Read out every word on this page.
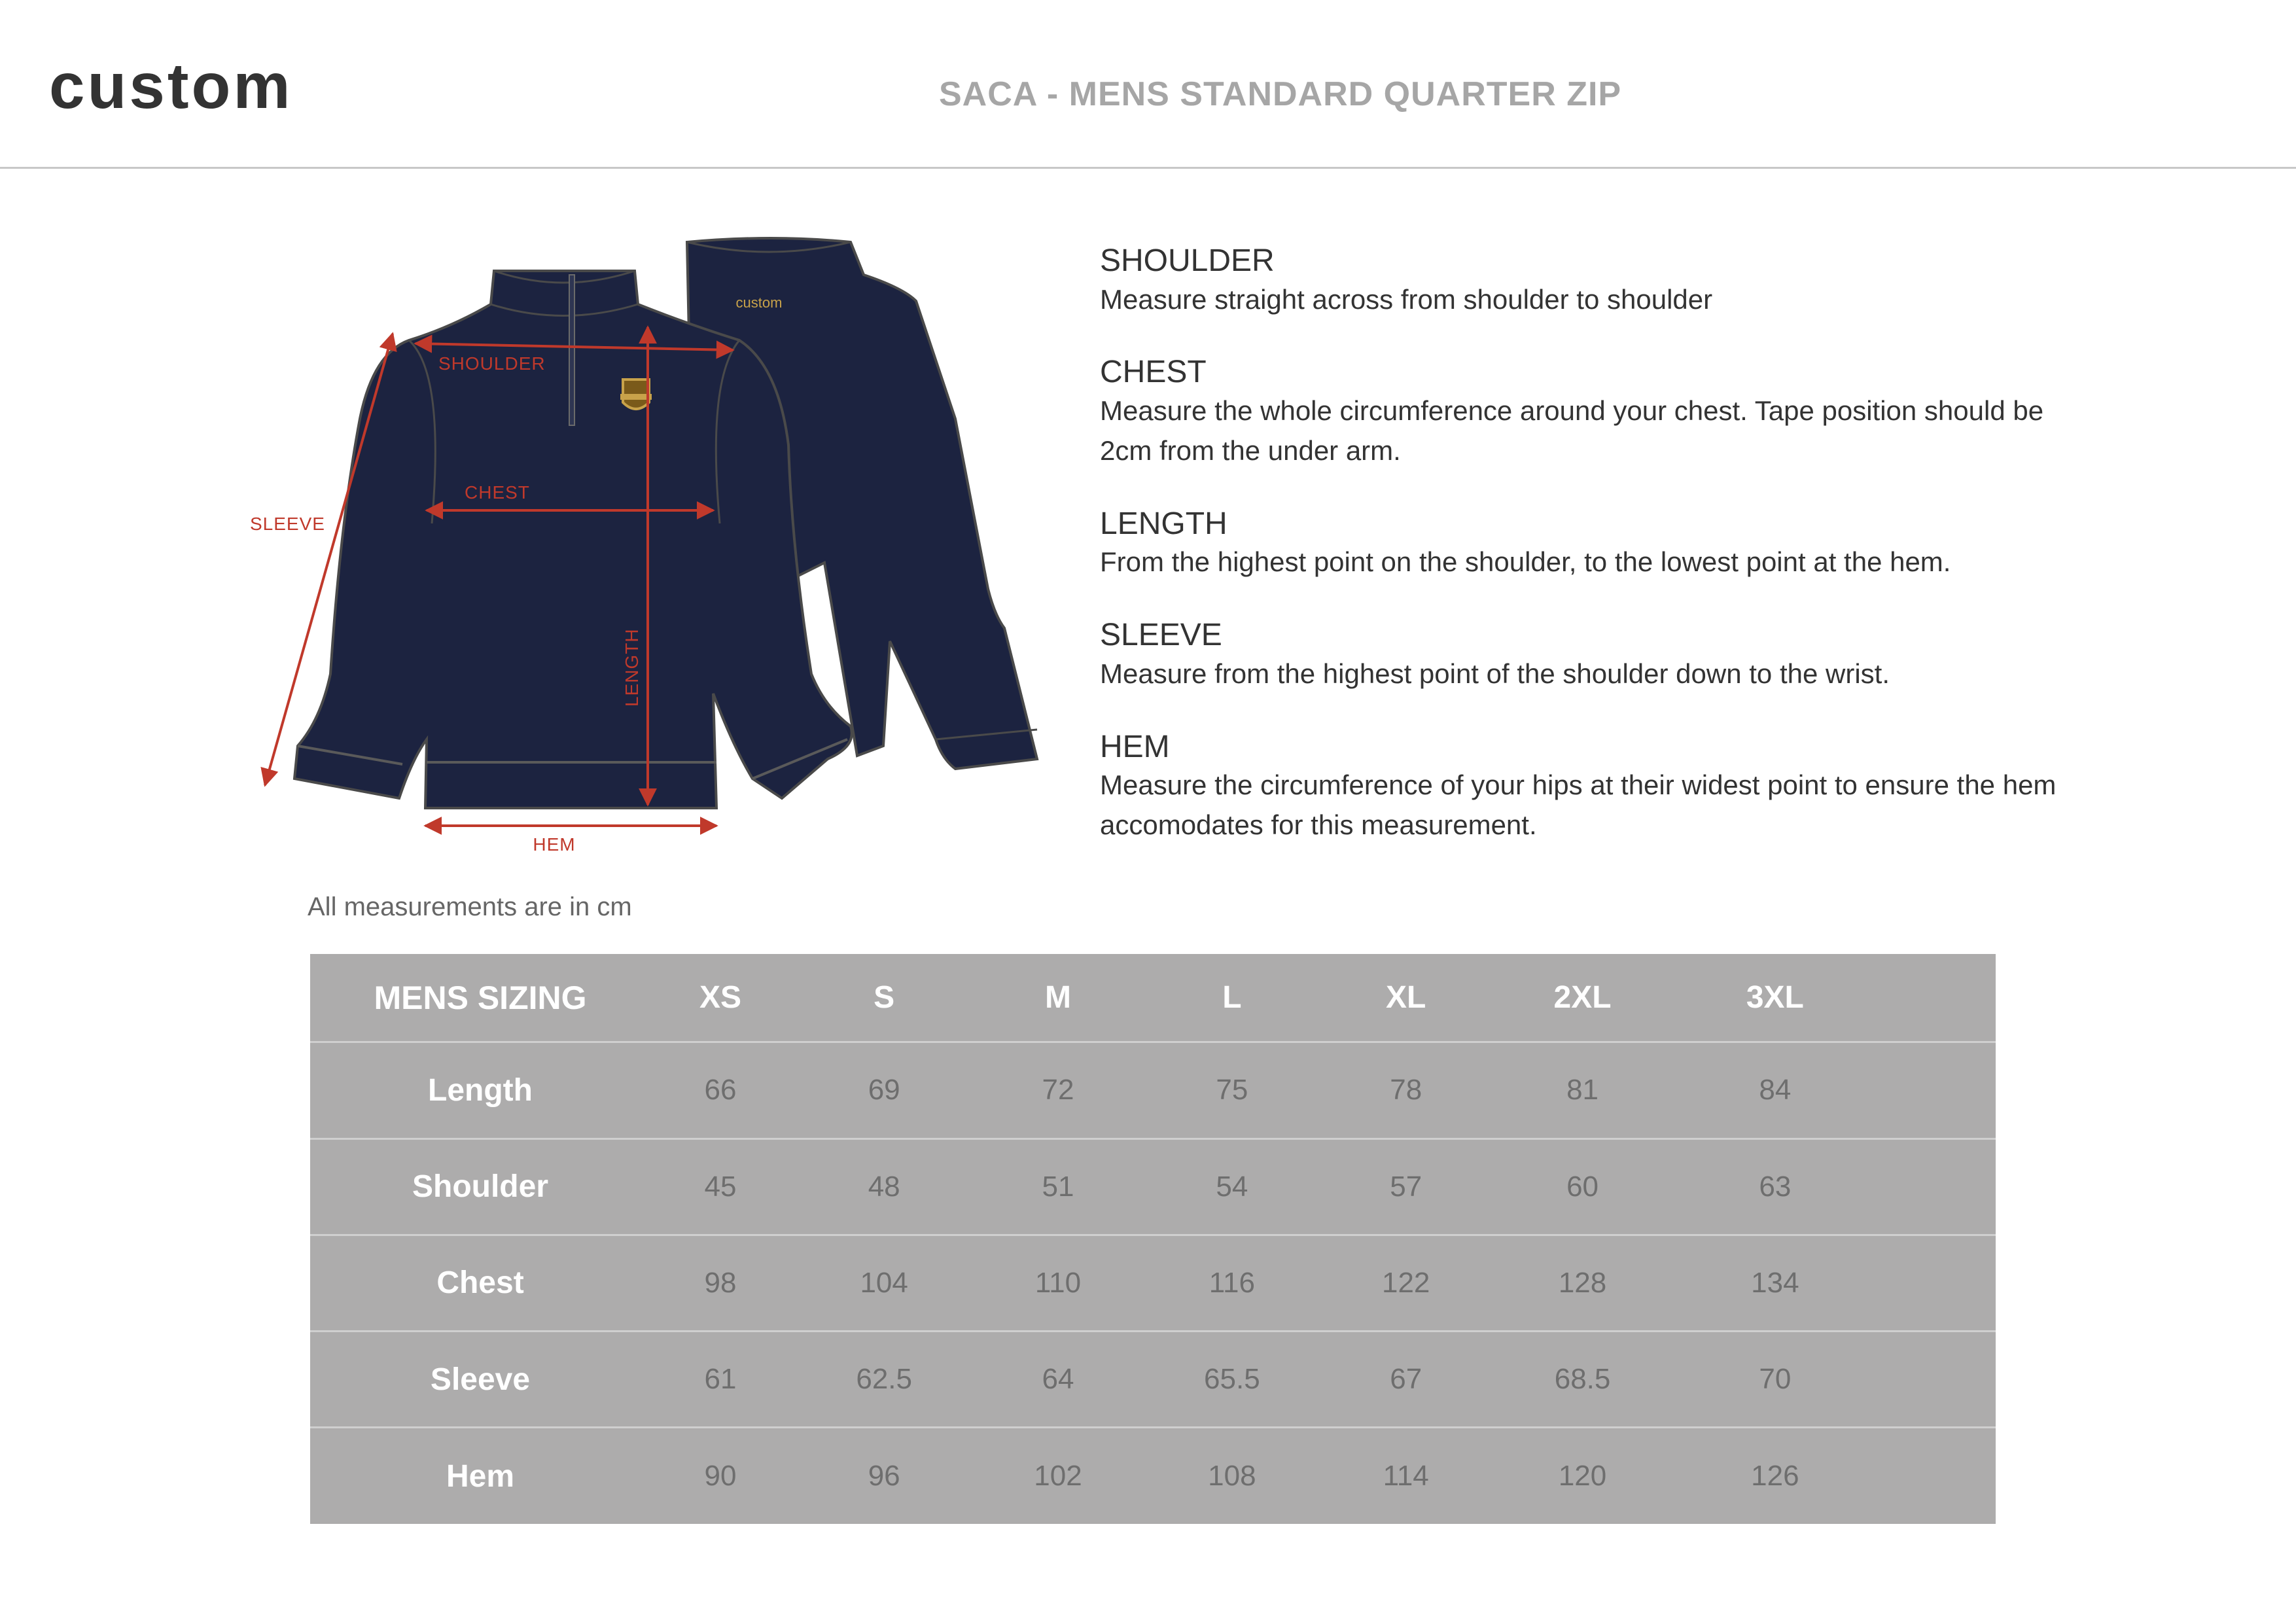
custom	SACA - MENS STANDARD QUARTER ZIP
custom
SHOULDER
CHEST
SLEEVE
LENGTH
HEM
SHOULDER

Measure straight across from shoulder to shoulder

CHEST

Measure the whole circumference around your chest. Tape position should be 2cm from the under arm.

LENGTH

From the highest point on the shoulder, to the lowest point at the hem.

SLEEVE

Measure from the highest point of the shoulder down to the wrist.

HEM

Measure the circumference of your hips at their widest point to ensure the hem accomodates for this measurement.

All measurements are in cm
MENS SIZING	XS	S	M	L	XL	2XL	3XL	
Length	66	69	72	75	78	81	84	
Shoulder	45	48	51	54	57	60	63	
Chest	98	104	110	116	122	128	134	
Sleeve	61	62.5	64	65.5	67	68.5	70	
Hem	90	96	102	108	114	120	126	
